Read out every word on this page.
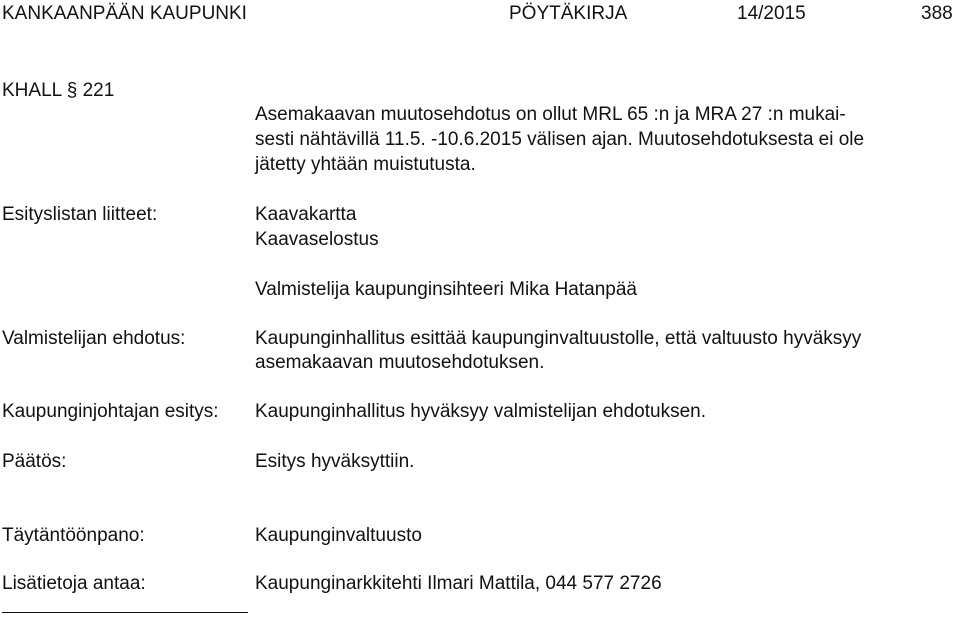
KANKAANPÄÄN KAUPUNKI	PÖYTÄKIRJA	14/2015	388
KHALL § 221
Asemakaavan muutosehdotus on ollut MRL 65 :n ja MRA 27 :n mukai-
sesti nähtävillä 11.5. -10.6.2015 välisen ajan. Muutosehdotuksesta ei ole
jätetty yhtään muistutusta.
Esityslistan liitteet:	Kaavakartta
Kaavaselostus
Valmistelija kaupunginsihteeri Mika Hatanpää
Valmistelijan ehdotus:	Kaupunginhallitus esittää kaupunginvaltuustolle, että valtuusto hyväksyy
asemakaavan muutosehdotuksen.
Kaupunginjohtajan esitys: Kaupunginhallitus hyväksyy valmistelijan ehdotuksen.
Päätös:	Esitys hyväksyttiin.
Täytäntöönpano:	Kaupunginvaltuusto
Lisätietoja antaa:	Kaupunginarkkitehti Ilmari Mattila, 044 577 2726
